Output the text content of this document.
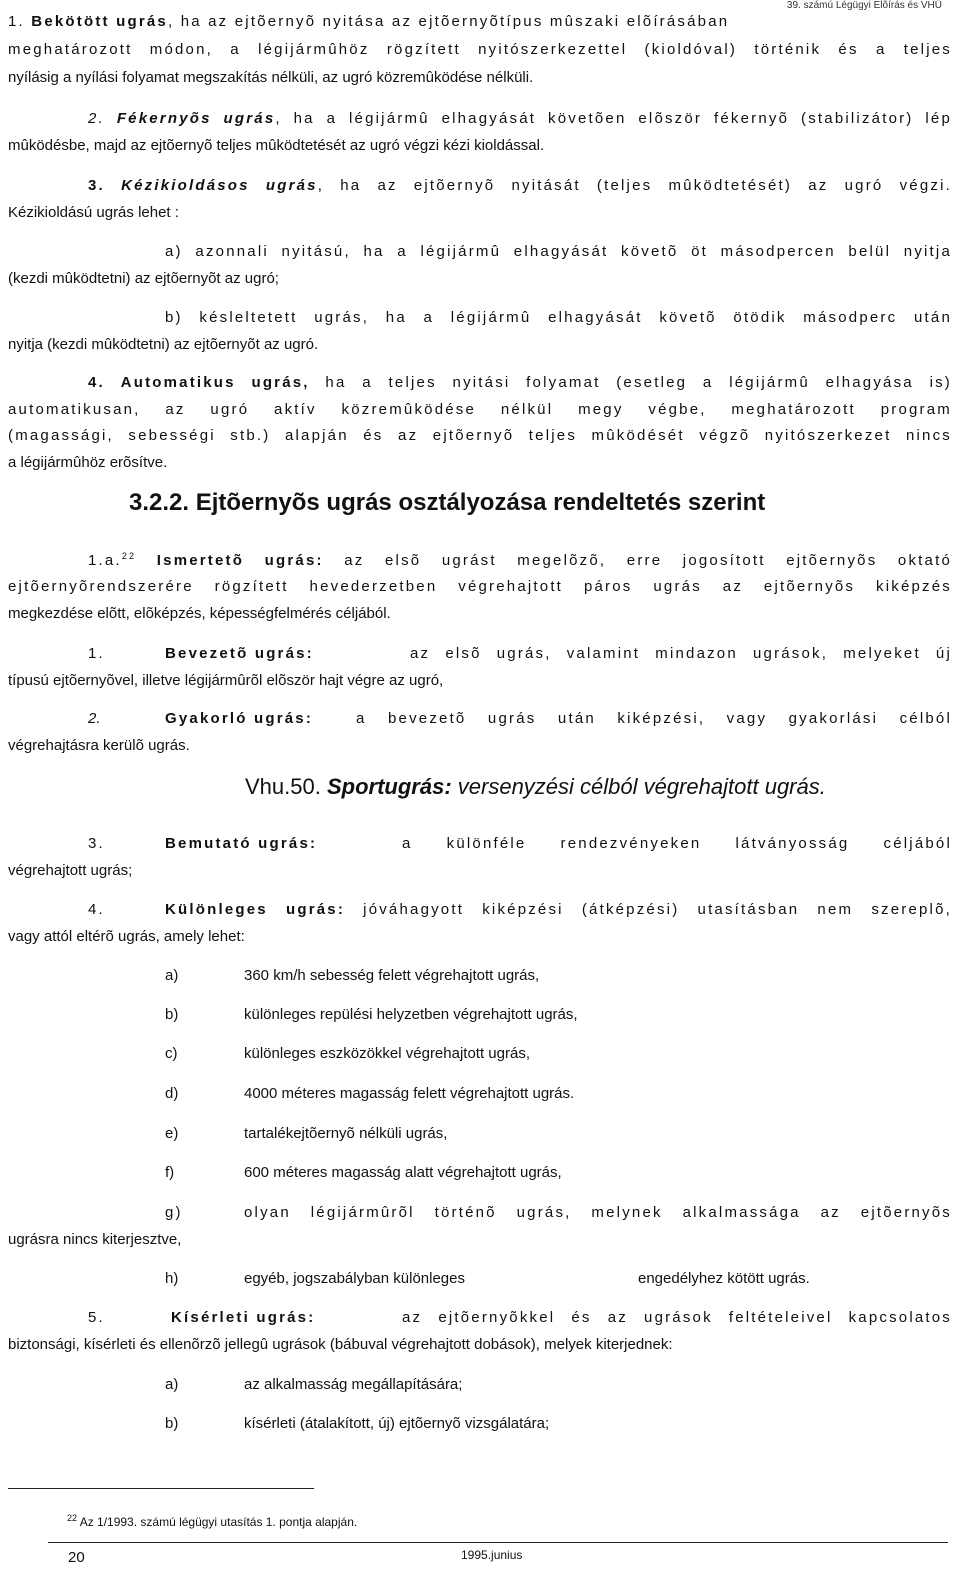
39. számú Légügyi Elõírás és VHÜ
1. Bekötött ugrás, ha az ejtõernyõ nyitása az ejtõernyõtípus mûszaki elõírásában
meghatározott módon, a légijármûhöz rögzített nyitószerkezettel (kioldóval) történik és a teljes
nyílásig a nyílási folyamat megszakítás nélküli, az ugró közremûködése nélküli.
2. Fékernyõs ugrás, ha a légijármû elhagyását követõen elõször fékernyõ (stabilizátor) lép
mûködésbe, majd az ejtõernyõ teljes mûködtetését az ugró végzi kézi kioldással.
3. Kézikioldásos ugrás, ha az ejtõernyõ nyitását (teljes mûködtetését) az ugró végzi.
Kézikioldású ugrás lehet :
a) azonnali nyitású, ha a légijármû elhagyását követõ öt másodpercen belül nyitja
(kezdi mûködtetni) az ejtõernyõt az ugró;
b) késleltetett ugrás, ha a légijármû elhagyását követõ ötödik másodperc után
nyitja (kezdi mûködtetni) az ejtõernyõt az ugró.
4. Automatikus ugrás, ha a teljes nyitási folyamat (esetleg a légijármû elhagyása is)
automatikusan, az ugró aktív közremûködése nélkül megy végbe, meghatározott program
(magassági, sebességi stb.) alapján és az ejtõernyõ teljes mûködését végzõ nyitószerkezet nincs
a légijármûhöz erõsítve.
3.2.2. Ejtõernyõs ugrás osztályozása rendeltetés szerint
1.a.$^{22}$ Ismertetõ ugrás: az elsõ ugrást megelõzõ, erre jogosított ejtõernyõs oktató
ejtõernyõrendszerére rögzített hevederzetben végrehajtott páros ugrás az ejtõernyõs kiképzés
megkezdése elõtt, elõképzés, képességfelmérés céljából.
1.	Bevezetõ ugrás:	az elsõ ugrás, valamint mindazon ugrások, melyeket új
típusú ejtõernyõvel, illetve légijármûrõl elõször hajt végre az ugró,
2.	Gyakorló ugrás:	a bevezetõ ugrás után kiképzési, vagy gyakorlási célból
végrehajtásra kerülõ ugrás.
Vhu.50. Sportugrás: versenyzési célból végrehajtott ugrás.
3.	Bemutató ugrás:	a különféle rendezvényeken látványosság céljából
végrehajtott ugrás;
4.	Különleges ugrás: jóváhagyott kiképzési (átképzési) utasításban nem szereplõ,
vagy attól eltérõ ugrás, amely lehet:
a)	360 km/h sebesség felett végrehajtott ugrás,
b)	különleges repülési helyzetben végrehajtott ugrás,
c)	különleges eszközökkel végrehajtott ugrás,
d)	4000 méteres magasság felett végrehajtott ugrás.
e)	tartalékejtõernyõ nélküli ugrás,
f)	600 méteres magasság alatt végrehajtott ugrás,
g)	olyan légijármûrõl történõ ugrás, melynek alkalmassága az ejtõernyõs
ugrásra nincs kiterjesztve,
h)	egyéb, jogszabályban különleges	engedélyhez kötött ugrás.
5.	Kísérleti ugrás:	az ejtõernyõkkel és az ugrások feltételeivel kapcsolatos
biztonsági, kísérleti és ellenõrzõ jellegû ugrások (bábuval végrehajtott dobások), melyek kiterjednek:
a)	az alkalmasság megállapítására;
b)	kísérleti (átalakított, új) ejtõernyõ vizsgálatára;
$^{22}$ Az 1/1993. számú légügyi utasítás 1. pontja alapján.
20	1995.junius
